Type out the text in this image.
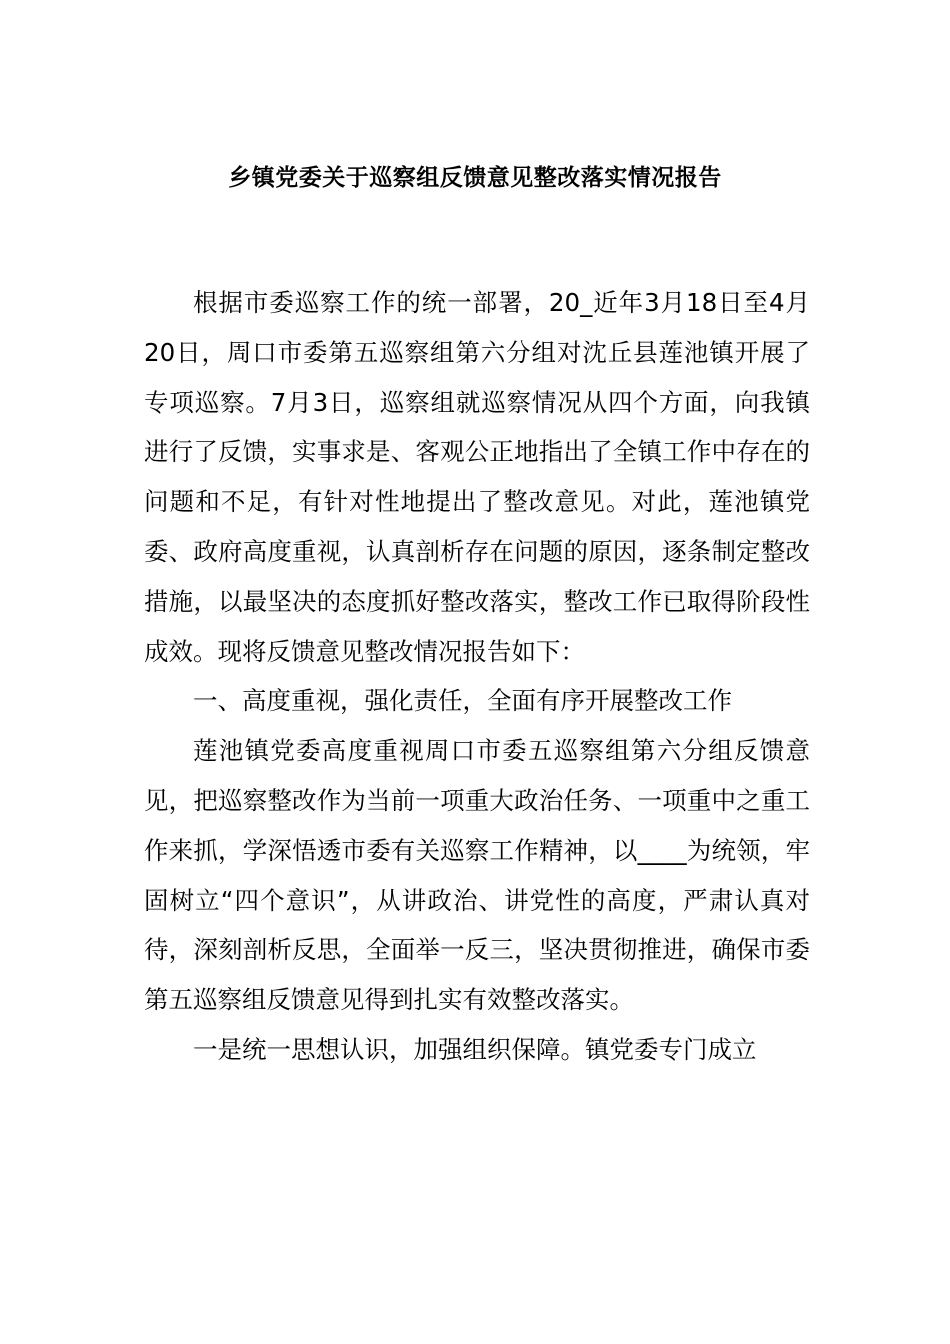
乡镇党委关于巡察组反馈意见整改落实情况报告

根据市委巡察工作的统一部署，20_近年3月18日至4月20日，周口市委第五巡察组第六分组对沈丘县莲池镇开展了专项巡察。7月3日，巡察组就巡察情况从四个方面，向我镇进行了反馈，实事求是、客观公正地指出了全镇工作中存在的问题和不足，有针对性地提出了整改意见。对此，莲池镇党委、政府高度重视，认真剖析存在问题的原因，逐条制定整改措施，以最坚决的态度抓好整改落实，整改工作已取得阶段性成效。现将反馈意见整改情况报告如下：

一、高度重视，强化责任，全面有序开展整改工作

莲池镇党委高度重视周口市委五巡察组第六分组反馈意见，把巡察整改作为当前一项重大政治任务、一项重中之重工作来抓，学深悟透市委有关巡察工作精神，以____为统领，牢固树立“四个意识”，从讲政治、讲党性的高度，严肃认真对待，深刻剖析反思，全面举一反三，坚决贯彻推进，确保市委第五巡察组反馈意见得到扎实有效整改落实。

一是统一思想认识，加强组织保障。镇党委专门成立
